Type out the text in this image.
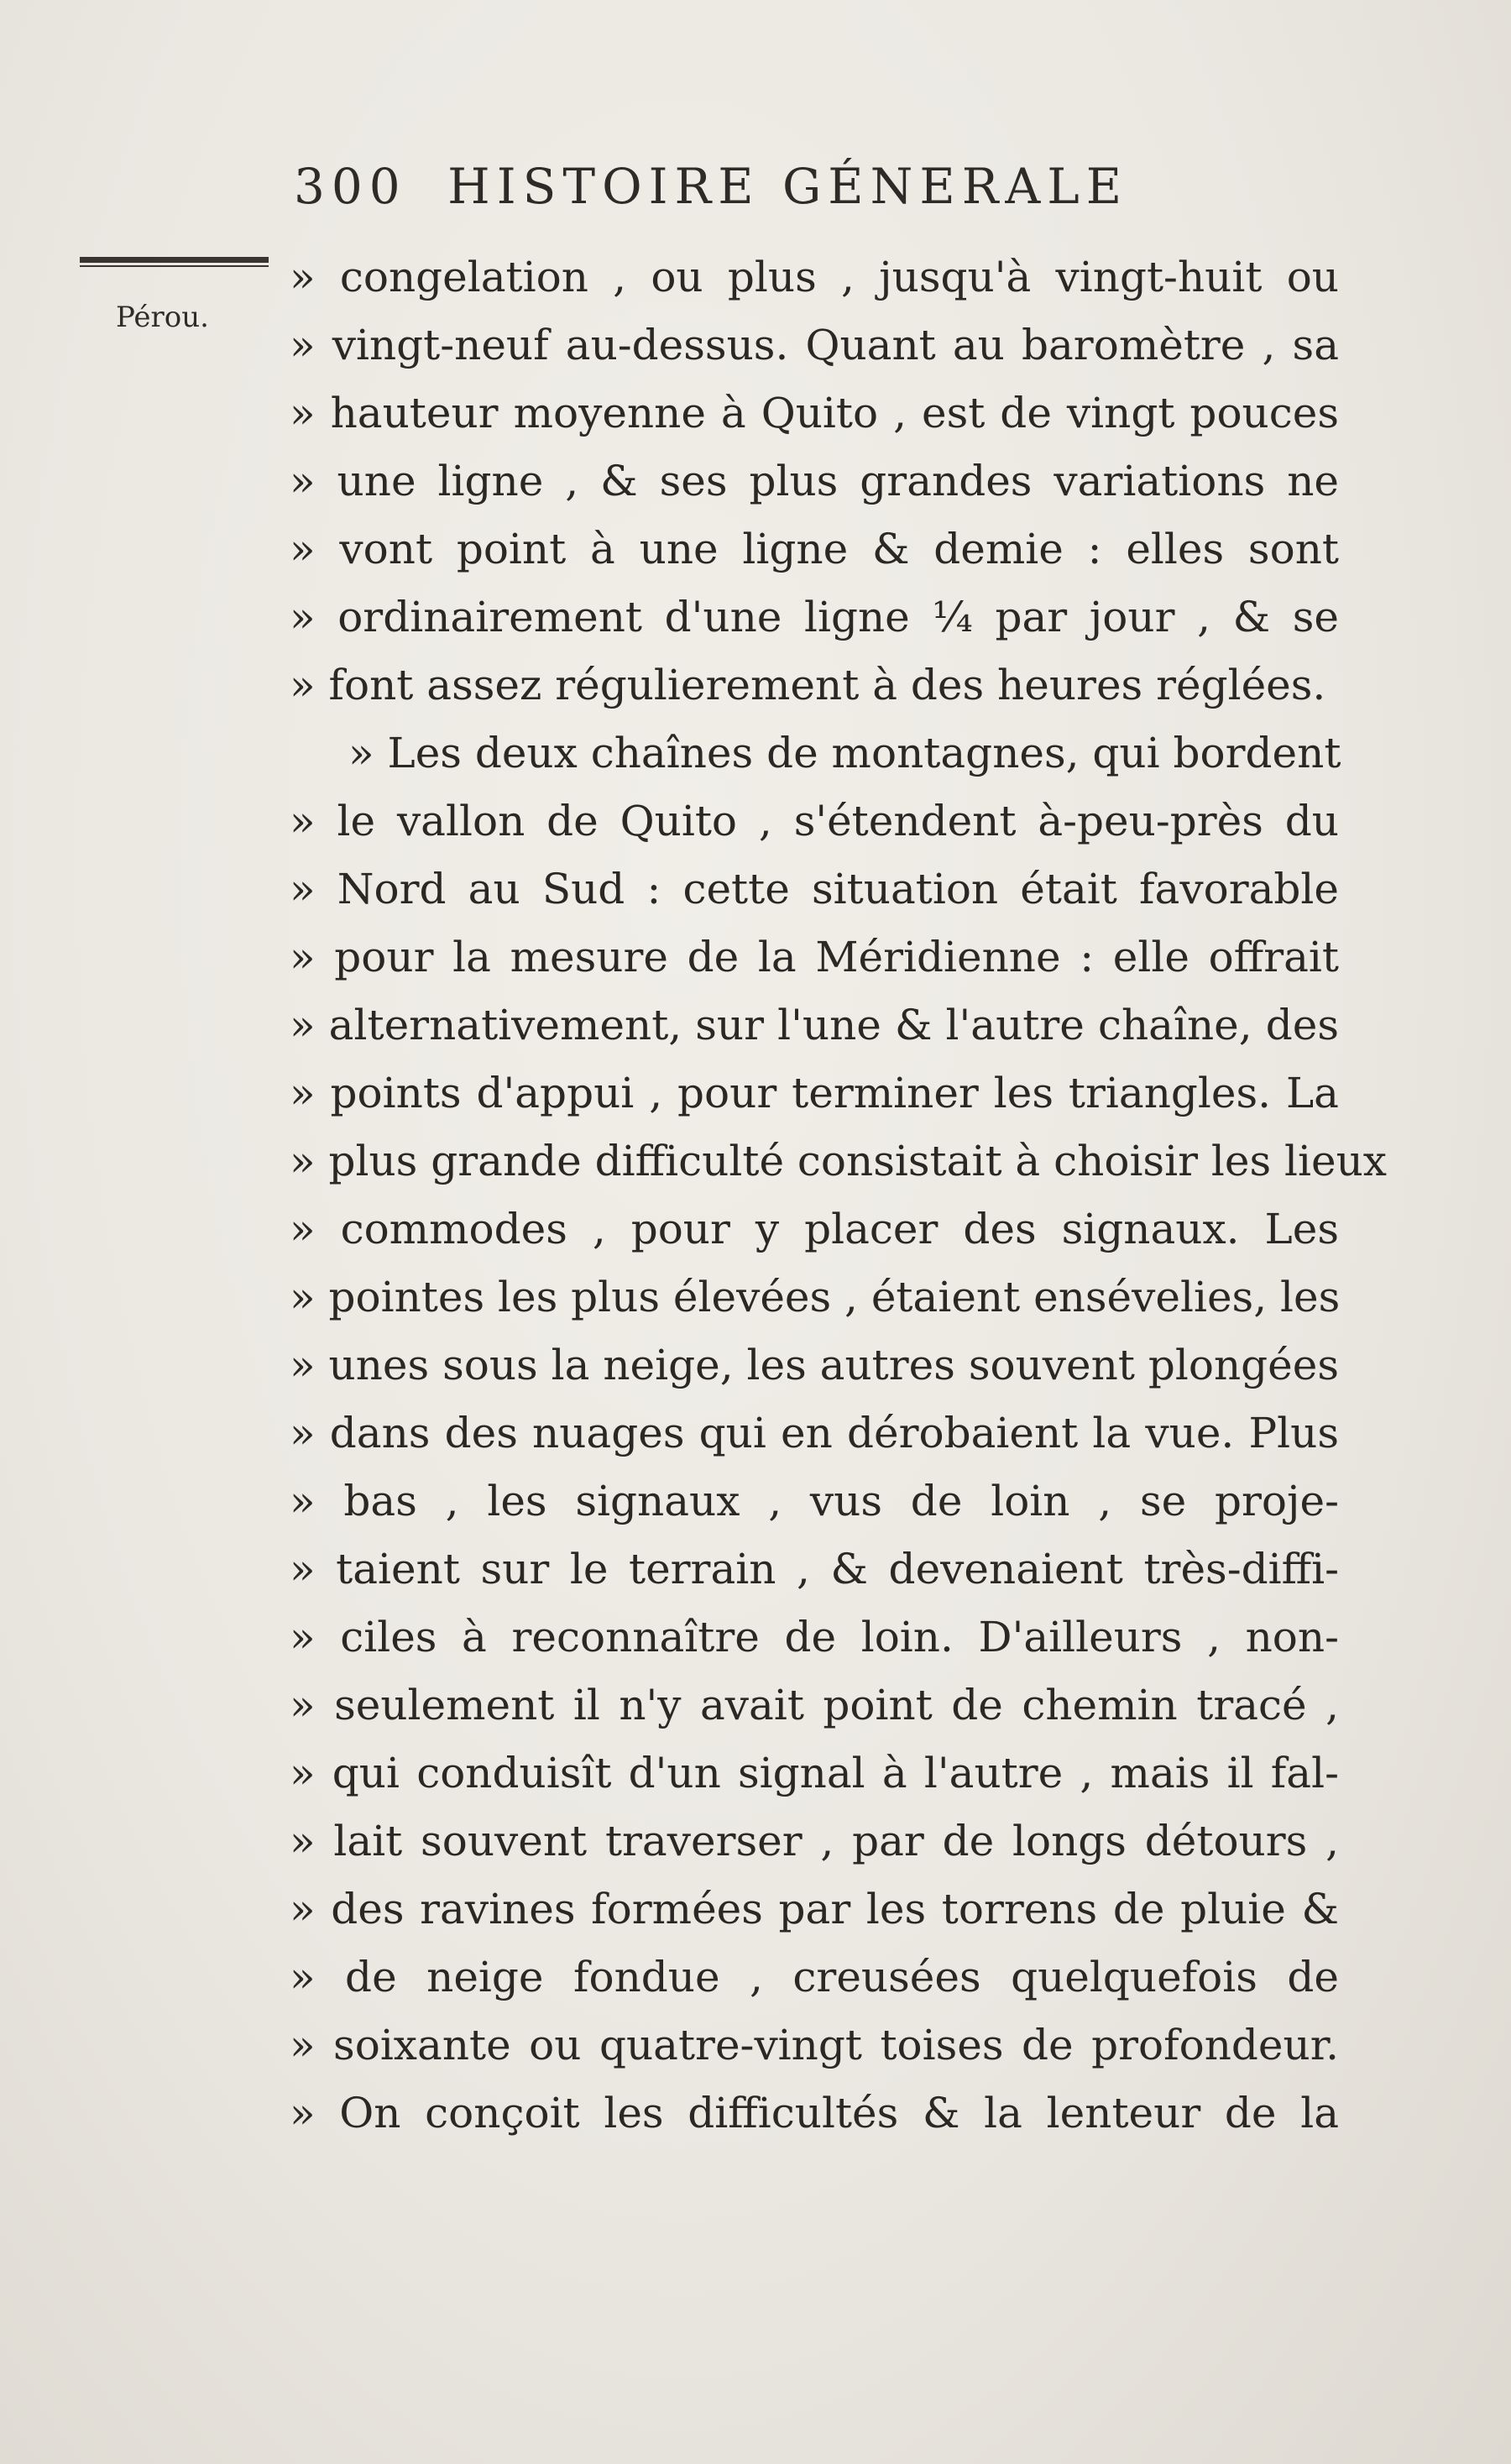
300 HISTOIRE GÉNERALE
Pérou.
» congelation , ou plus , jusqu'à vingt-huit ou
» vingt-neuf au-dessus. Quant au baromètre , sa
» hauteur moyenne à Quito , est de vingt pouces
» une ligne , & ses plus grandes variations ne
» vont point à une ligne & demie : elles sont
» ordinairement d'une ligne ¼ par jour , & se
» font assez régulierement à des heures réglées.
» Les deux chaînes de montagnes, qui bordent
» le vallon de Quito , s'étendent à-peu-près du
» Nord au Sud : cette situation était favorable
» pour la mesure de la Méridienne : elle offrait
» alternativement, sur l'une & l'autre chaîne, des
» points d'appui , pour terminer les triangles. La
» plus grande difficulté consistait à choisir les lieux
» commodes , pour y placer des signaux. Les
» pointes les plus élevées , étaient ensévelies, les
» unes sous la neige, les autres souvent plongées
» dans des nuages qui en dérobaient la vue. Plus
» bas , les signaux , vus de loin , se proje-
» taient sur le terrain , & devenaient très-diffi-
» ciles à reconnaître de loin. D'ailleurs , non-
» seulement il n'y avait point de chemin tracé ,
» qui conduisît d'un signal à l'autre , mais il fal-
» lait souvent traverser , par de longs détours ,
» des ravines formées par les torrens de pluie &
» de neige fondue , creusées quelquefois de
» soixante ou quatre-vingt toises de profondeur.
» On conçoit les difficultés & la lenteur de la
